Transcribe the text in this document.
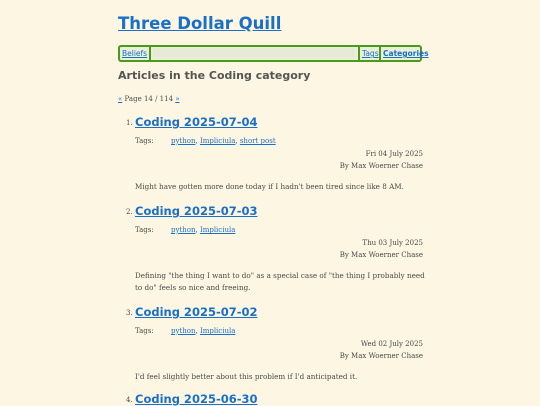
Three Dollar Quill
Beliefs	Tags Categories
Articles in the Coding category
« Page 14 / 114 »
1. Coding 2025-07-04
Tags: python, Impliciula, short post
Fri 04 July 2025
By Max Woerner Chase
Might have gotten more done today if I hadn't been tired since like 8 AM.
2. Coding 2025-07-03
Tags: python, Impliciula
Thu 03 July 2025
By Max Woerner Chase
Defining "the thing I want to do" as a special case of "the thing I probably need to do" feels so nice and freeing.
3. Coding 2025-07-02
Tags: python, Impliciula
Wed 02 July 2025
By Max Woerner Chase
I'd feel slightly better about this problem if I'd anticipated it.
4. Coding 2025-06-30
